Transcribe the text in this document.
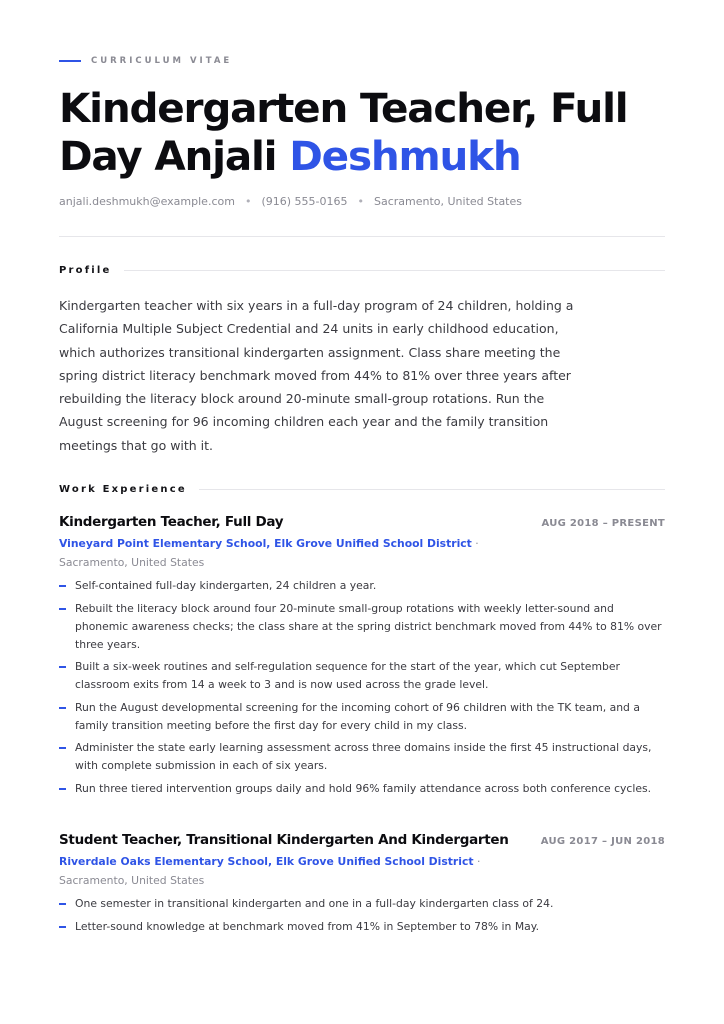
CURRICULUM VITAE
Kindergarten Teacher, Full Day Anjali Deshmukh
anjali.deshmukh@example.com • (916) 555-0165 • Sacramento, United States
Profile

Kindergarten teacher with six years in a full-day program of 24 children, holding a California Multiple Subject Credential and 24 units in early childhood education, which authorizes transitional kindergarten assignment. Class share meeting the spring district literacy benchmark moved from 44% to 81% over three years after rebuilding the literacy block around 20-minute small-group rotations. Run the August screening for 96 incoming children each year and the family transition meetings that go with it.

Work Experience
Kindergarten Teacher, Full Day	AUG 2018 – PRESENT
Vineyard Point Elementary School, Elk Grove Unified School District · Sacramento, United States
Self-contained full-day kindergarten, 24 children a year.
Rebuilt the literacy block around four 20-minute small-group rotations with weekly letter-sound and phonemic awareness checks; the class share at the spring district benchmark moved from 44% to 81% over three years.
Built a six-week routines and self-regulation sequence for the start of the year, which cut September classroom exits from 14 a week to 3 and is now used across the grade level.
Run the August developmental screening for the incoming cohort of 96 children with the TK team, and a family transition meeting before the first day for every child in my class.
Administer the state early learning assessment across three domains inside the first 45 instructional days, with complete submission in each of six years.
Run three tiered intervention groups daily and hold 96% family attendance across both conference cycles.
Student Teacher, Transitional Kindergarten And Kindergarten	AUG 2017 – JUN 2018
Riverdale Oaks Elementary School, Elk Grove Unified School District · Sacramento, United States
One semester in transitional kindergarten and one in a full-day kindergarten class of 24.
Letter-sound knowledge at benchmark moved from 41% in September to 78% in May.
